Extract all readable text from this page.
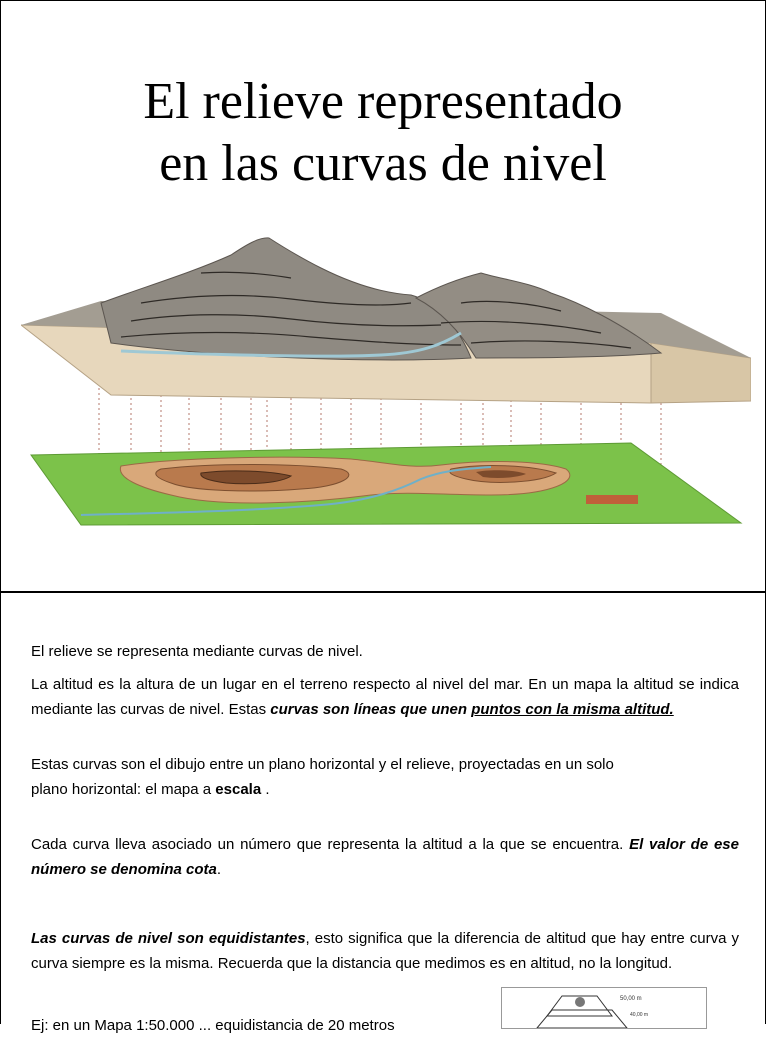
El relieve representado
en las curvas de nivel

El relieve se representa mediante curvas de nivel.

La altitud es la altura de un lugar en el terreno respecto al nivel del mar. En un mapa la altitud se indica mediante las curvas de nivel. Estas curvas son líneas que unen puntos con la misma altitud.

Estas curvas son el dibujo entre un plano horizontal y el relieve, proyectadas en un solo plano horizontal: el mapa a escala .

Cada curva lleva asociado un número que representa la altitud a la que se encuentra. El valor de ese número se denomina cota.

Las curvas de nivel son equidistantes, esto significa que la diferencia de altitud que hay entre curva y curva siempre es la misma. Recuerda que la distancia que medimos es en altitud, no la longitud.

Ej: en un Mapa 1:50.000 ... equidistancia de 20 metros

50,00 m
40,00 m
